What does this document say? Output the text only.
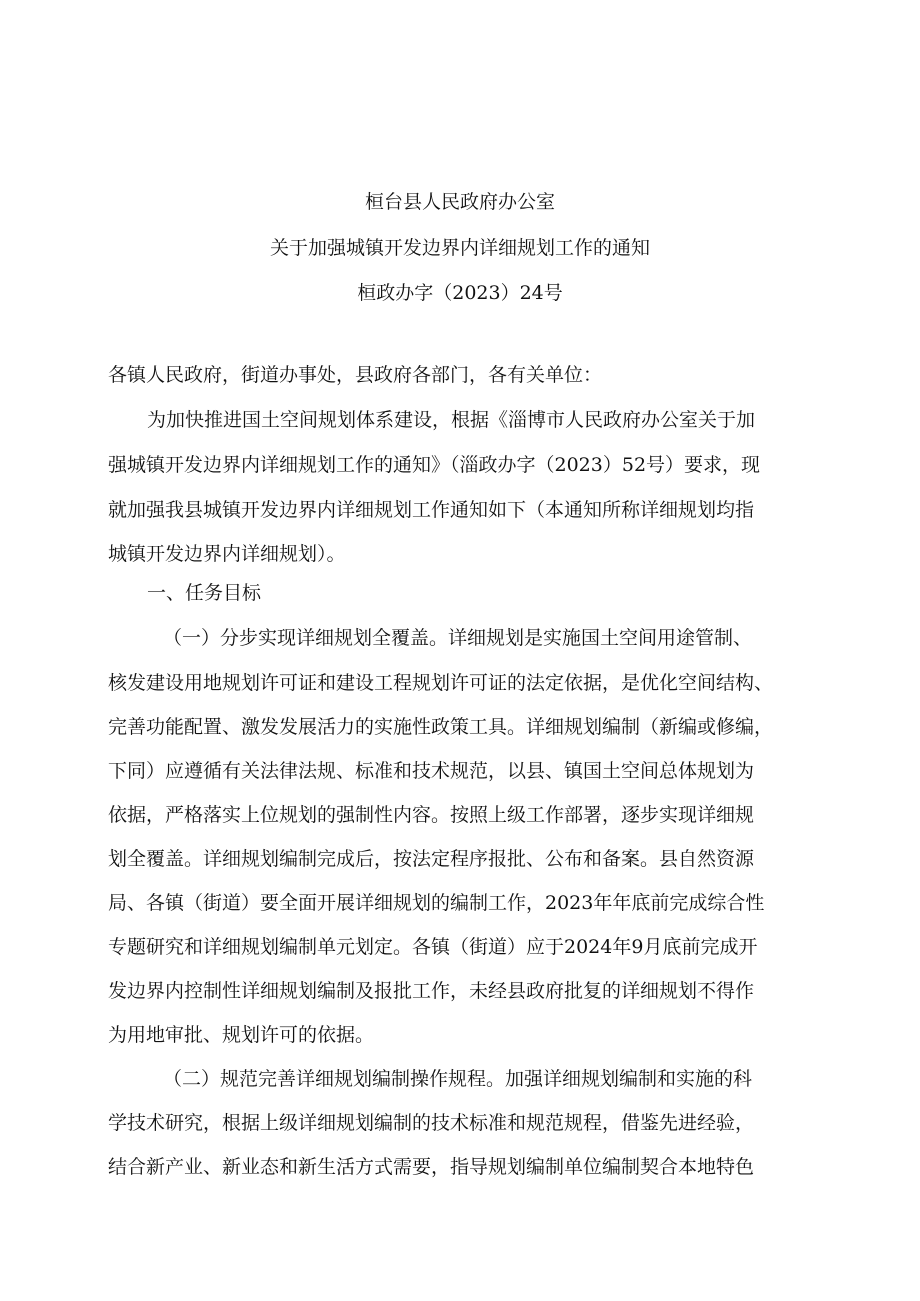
桓台县人民政府办公室
关于加强城镇开发边界内详细规划工作的通知
桓政办字（2023）24号
各镇人民政府，街道办事处，县政府各部门，各有关单位：
为加快推进国土空间规划体系建设，根据《淄博市人民政府办公室关于加
强城镇开发边界内详细规划工作的通知》（淄政办字（2023）52号）要求，现
就加强我县城镇开发边界内详细规划工作通知如下（本通知所称详细规划均指
城镇开发边界内详细规划）。
一、任务目标
（一）分步实现详细规划全覆盖。详细规划是实施国土空间用途管制、
核发建设用地规划许可证和建设工程规划许可证的法定依据，是优化空间结构、
完善功能配置、激发发展活力的实施性政策工具。详细规划编制（新编或修编，
下同）应遵循有关法律法规、标准和技术规范，以县、镇国土空间总体规划为
依据，严格落实上位规划的强制性内容。按照上级工作部署，逐步实现详细规
划全覆盖。详细规划编制完成后，按法定程序报批、公布和备案。县自然资源
局、各镇（街道）要全面开展详细规划的编制工作，2023年年底前完成综合性
专题研究和详细规划编制单元划定。各镇（街道）应于2024年9月底前完成开
发边界内控制性详细规划编制及报批工作，未经县政府批复的详细规划不得作
为用地审批、规划许可的依据。
（二）规范完善详细规划编制操作规程。加强详细规划编制和实施的科
学技术研究，根据上级详细规划编制的技术标准和规范规程，借鉴先进经验，
结合新产业、新业态和新生活方式需要，指导规划编制单位编制契合本地特色
